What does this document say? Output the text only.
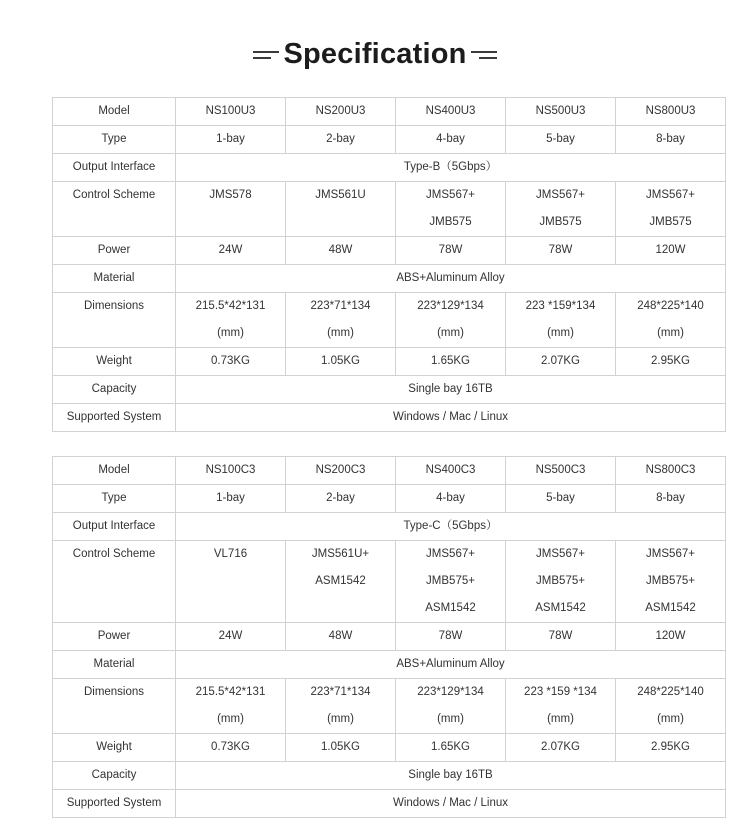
Specification
Model	NS100U3	NS200U3	NS400U3	NS500U3	NS800U3
Type	1-bay	2-bay	4-bay	5-bay	8-bay
Output Interface	Type-B（5Gbps）				
Control Scheme	JMS578	JMS561U	JMS567+	JMS567+	JMS567+
			JMB575	JMB575	JMB575
Power	24W	48W	78W	78W	120W
Material	ABS+Aluminum Alloy				
Dimensions	215.5*42*131	223*71*134	223*129*134	223 *159*134	248*225*140
	(mm)	(mm)	(mm)	(mm)	(mm)
Weight	0.73KG	1.05KG	1.65KG	2.07KG	2.95KG
Capacity	Single bay 16TB				
Supported System	Windows / Mac / Linux				
Model	NS100C3	NS200C3	NS400C3	NS500C3	NS800C3
Type	1-bay	2-bay	4-bay	5-bay	8-bay
Output Interface	Type-C（5Gbps）				
Control Scheme	VL716	JMS561U+	JMS567+	JMS567+	JMS567+
		ASM1542	JMB575+	JMB575+	JMB575+
			ASM1542	ASM1542	ASM1542
Power	24W	48W	78W	78W	120W
Material	ABS+Aluminum Alloy				
Dimensions	215.5*42*131	223*71*134	223*129*134	223 *159 *134	248*225*140
	(mm)	(mm)	(mm)	(mm)	(mm)
Weight	0.73KG	1.05KG	1.65KG	2.07KG	2.95KG
Capacity	Single bay 16TB				
Supported System	Windows / Mac / Linux				
